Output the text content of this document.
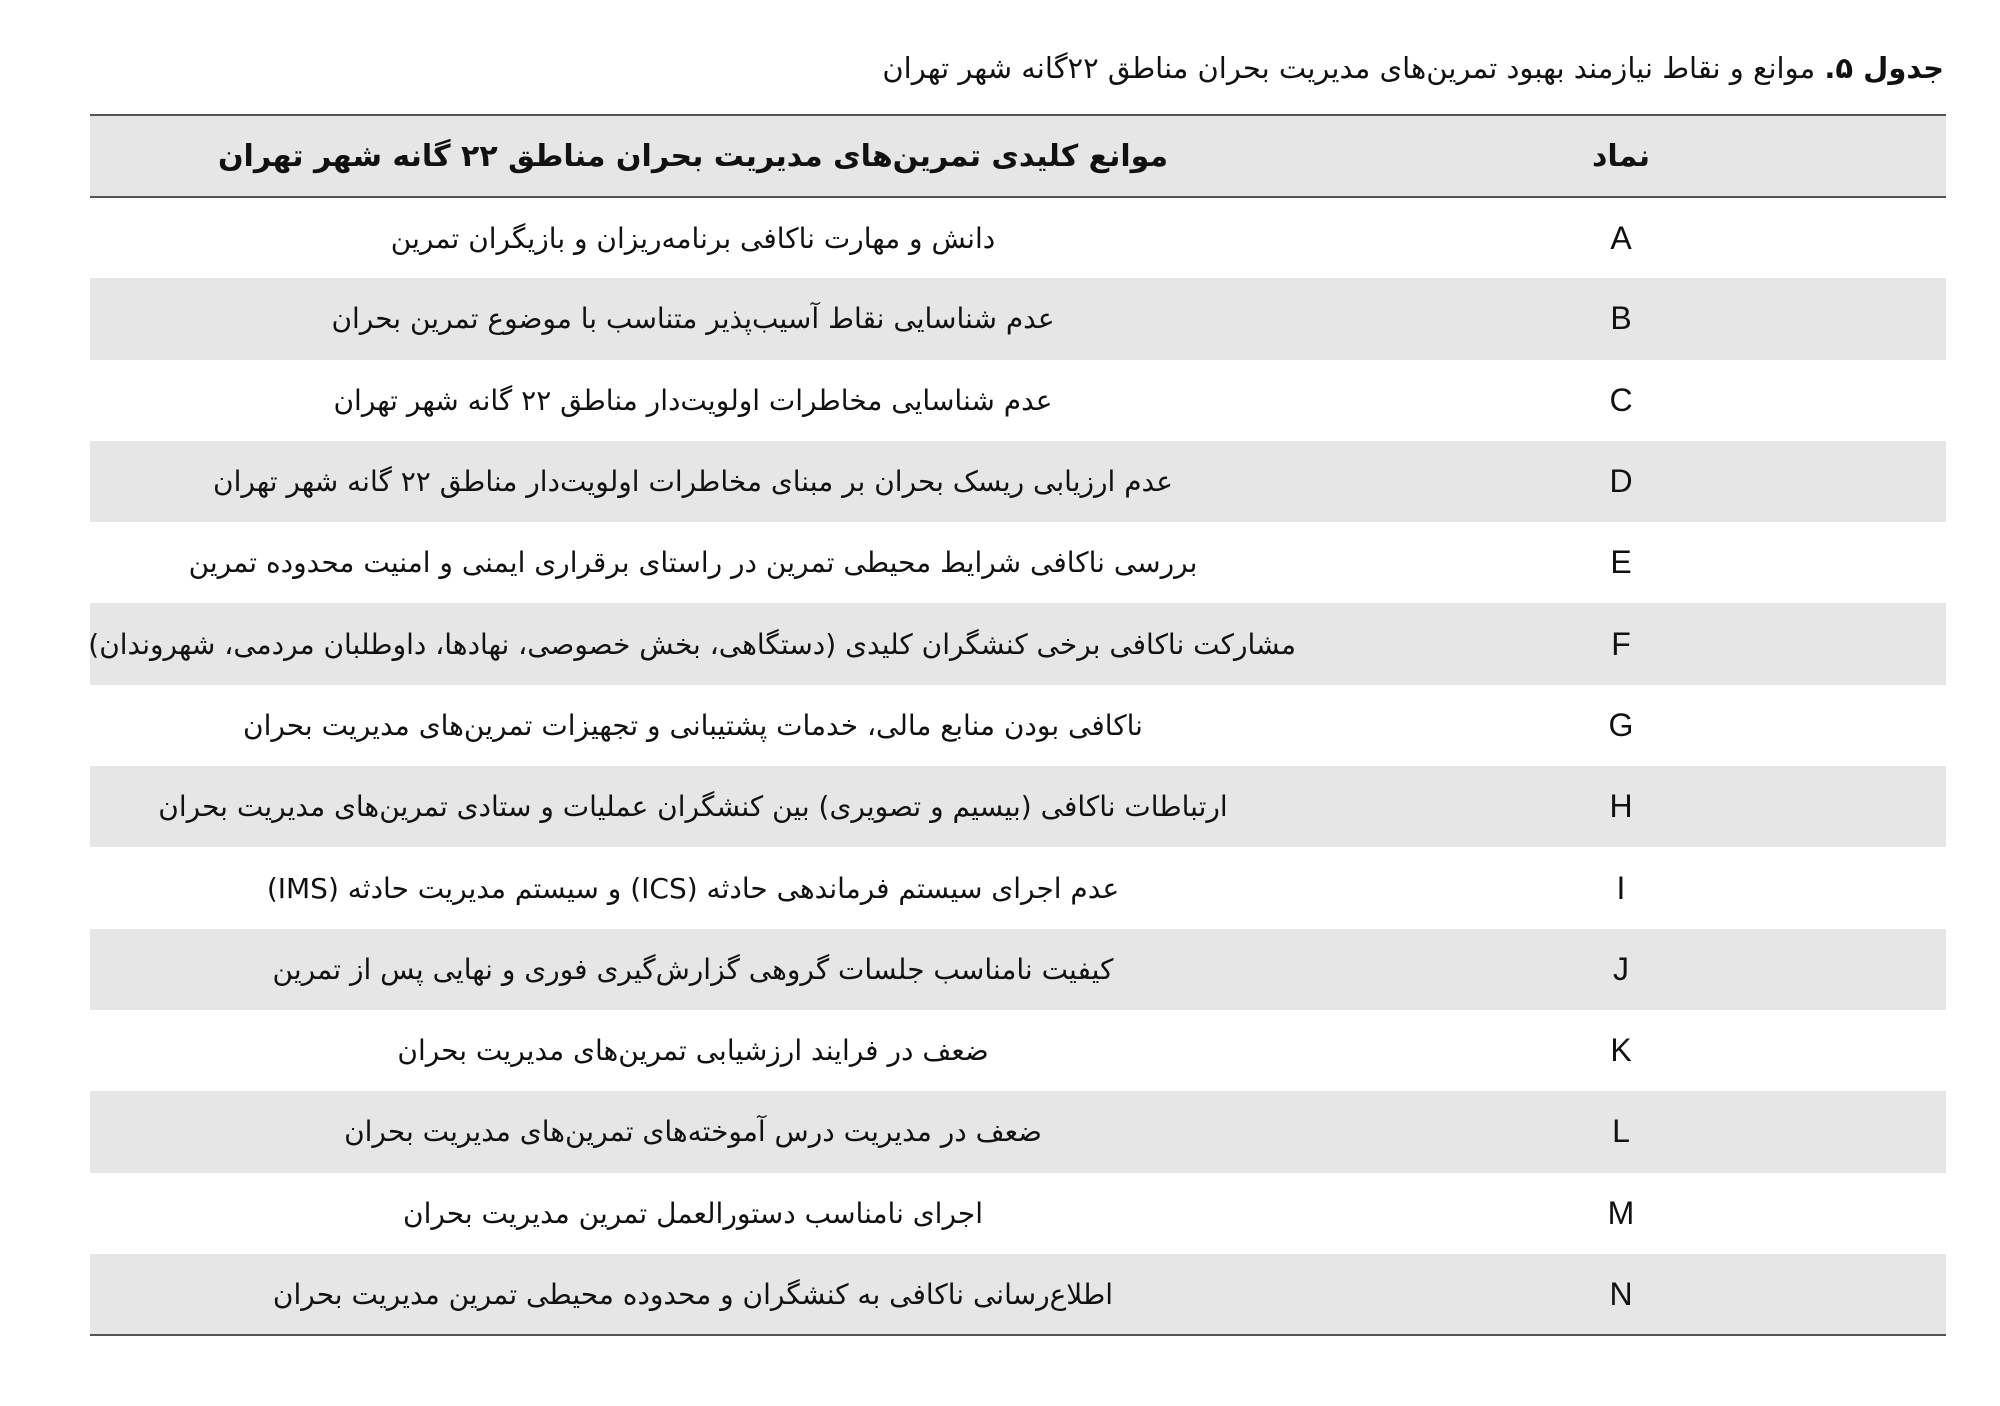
جدول ۵. موانع و نقاط نیازمند بهبود تمرین‌های مدیریت بحران مناطق ۲۲گانه شهر تهران
نماد	موانع کلیدی تمرین‌های مدیریت بحران مناطق ۲۲ گانه شهر تهران
A	دانش و مهارت ناکافی برنامه‌ریزان و بازیگران تمرین
B	عدم شناسایی نقاط آسیب‌پذیر متناسب با موضوع تمرین بحران
C	عدم شناسایی مخاطرات اولویت‌دار مناطق ۲۲ گانه شهر تهران
D	عدم ارزیابی ریسک بحران بر مبنای مخاطرات اولویت‌دار مناطق ۲۲ گانه شهر تهران
E	بررسی ناکافی شرایط محیطی تمرین در راستای برقراری ایمنی و امنیت محدوده تمرین
F	مشارکت ناکافی برخی کنشگران کلیدی (دستگاهی، بخش خصوصی، نهادها، داوطلبان مردمی، شهروندان)
G	ناکافی بودن منابع مالی، خدمات پشتیبانی و تجهیزات تمرین‌های مدیریت بحران
H	ارتباطات ناکافی (بیسیم و تصویری) بین کنشگران عملیات و ستادی تمرین‌های مدیریت بحران
I	عدم اجرای سیستم فرماندهی حادثه (ICS) و سیستم مدیریت حادثه (IMS)
J	کیفیت نامناسب جلسات گروهی گزارش‌گیری فوری و نهایی پس از تمرین
K	ضعف در فرایند ارزشیابی تمرین‌های مدیریت بحران
L	ضعف در مدیریت درس آموخته‌های تمرین‌های مدیریت بحران
M	اجرای نامناسب دستورالعمل تمرین مدیریت بحران
N	اطلاع‌رسانی ناکافی به کنشگران و محدوده محیطی تمرین مدیریت بحران
